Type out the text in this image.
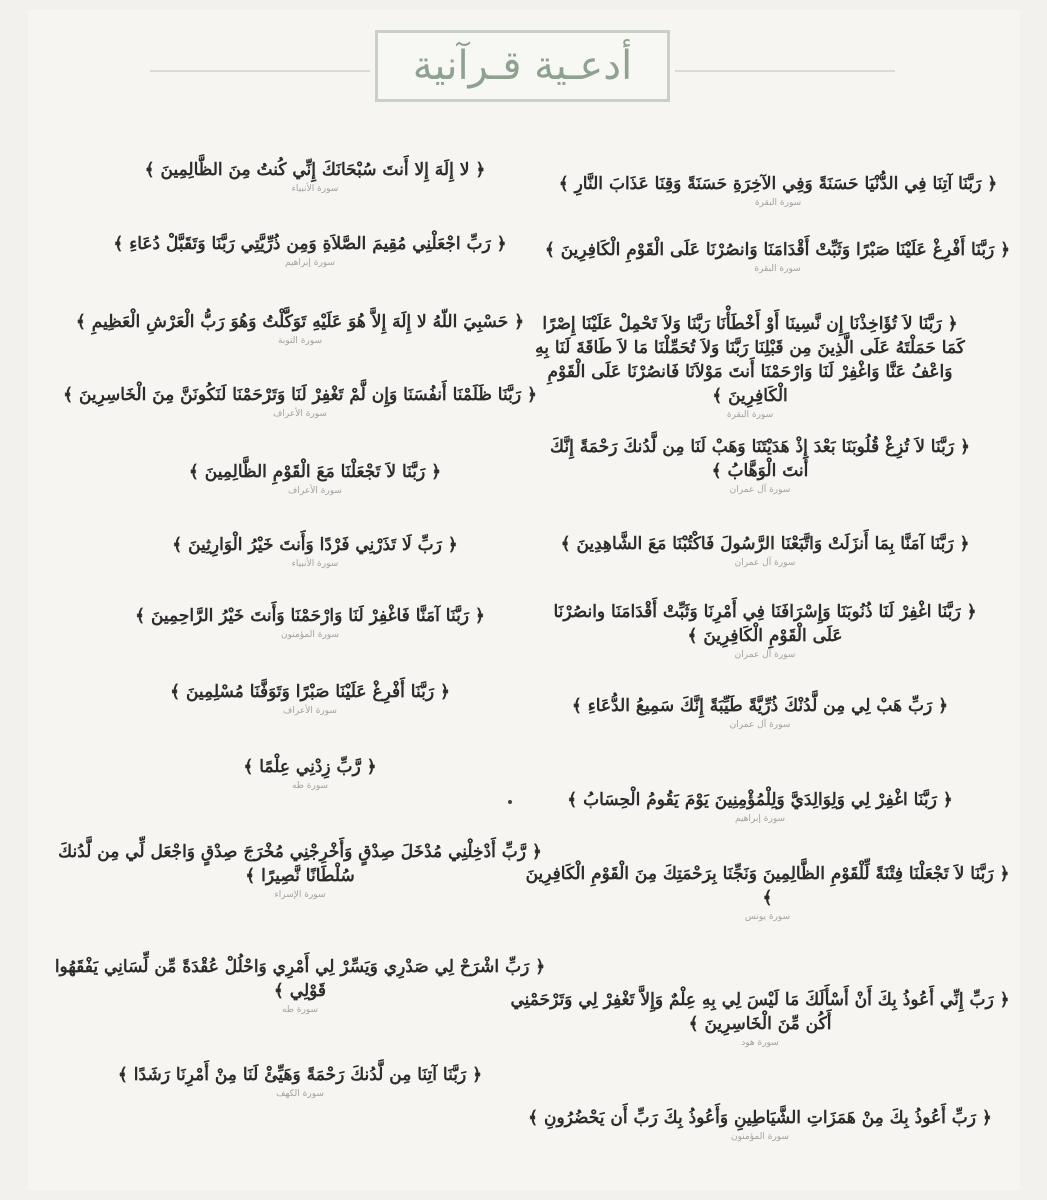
أدعـية قـرآنية
﴿ رَبَّنَا آتِنَا فِي الدُّنْيَا حَسَنَةً وَفِي الآخِرَةِ حَسَنَةً وَقِنَا عَذَابَ النَّارِ ﴾
سورة البقرة
﴿ رَبَّنَا أَفْرِغْ عَلَيْنَا صَبْرًا وَثَبِّتْ أَقْدَامَنَا وَانصُرْنَا عَلَى الْقَوْمِ الْكَافِرِينَ ﴾
سورة البقرة
﴿ رَبَّنَا لاَ تُؤَاخِذْنَا إِن نَّسِينَا أَوْ أَخْطَأْنَا رَبَّنَا وَلاَ تَحْمِلْ عَلَيْنَا إِصْرًا كَمَا حَمَلْتَهُ عَلَى الَّذِينَ مِن قَبْلِنَا رَبَّنَا وَلاَ تُحَمِّلْنَا مَا لاَ طَاقَةَ لَنَا بِهِ وَاعْفُ عَنَّا وَاغْفِرْ لَنَا وَارْحَمْنَا أَنتَ مَوْلاَنَا فَانصُرْنَا عَلَى الْقَوْمِ الْكَافِرِينَ ﴾
سورة البقرة
﴿ رَبَّنَا لاَ تُزِغْ قُلُوبَنَا بَعْدَ إِذْ هَدَيْتَنَا وَهَبْ لَنَا مِن لَّدُنكَ رَحْمَةً إِنَّكَ أَنتَ الْوَهَّابُ ﴾
سورة آل عمران
﴿ رَبَّنَا آمَنَّا بِمَا أَنزَلَتْ وَاتَّبَعْنَا الرَّسُولَ فَاكْتُبْنَا مَعَ الشَّاهِدِينَ ﴾
سورة آل عمران
﴿ رَبَّنَا اغْفِرْ لَنَا ذُنُوبَنَا وَإِسْرَافَنَا فِي أَمْرِنَا وَثَبِّتْ أَقْدَامَنَا وانصُرْنَا عَلَى الْقَوْمِ الْكَافِرِينَ ﴾
سورة آل عمران
﴿ رَبِّ هَبْ لِي مِن لَّدُنْكَ ذُرِّيَّةً طَيِّبَةً إِنَّكَ سَمِيعُ الدُّعَاءِ ﴾
سورة آل عمران
﴿ رَبَّنَا اغْفِرْ لِي وَلِوَالِدَيَّ وَلِلْمُؤْمِنِينَ يَوْمَ يَقُومُ الْحِسَابُ ﴾
سورة إبراهيم
﴿ رَبَّنَا لاَ تَجْعَلْنَا فِتْنَةً لِّلْقَوْمِ الظَّالِمِينَ وَنَجِّنَا بِرَحْمَتِكَ مِنَ الْقَوْمِ الْكَافِرِينَ ﴾
سورة يونس
﴿ رَبِّ إِنِّي أَعُوذُ بِكَ أَنْ أَسْأَلَكَ مَا لَيْسَ لِي بِهِ عِلْمٌ وَإِلاَّ تَغْفِرْ لِي وَتَرْحَمْنِي أَكُن مِّنَ الْخَاسِرِينَ ﴾
سورة هود
﴿ رَبِّ أَعُوذُ بِكَ مِنْ هَمَزَاتِ الشَّيَاطِينِ وَأَعُوذُ بِكَ رَبِّ أَن يَحْضُرُونِ ﴾
سورة المؤمنون
﴿ لا إِلَهَ إِلا أَنتَ سُبْحَانَكَ إِنِّي كُنتُ مِنَ الظَّالِمِينَ ﴾
سورة الأنبياء
﴿ رَبِّ اجْعَلْنِي مُقِيمَ الصَّلاَةِ وَمِن ذُرِّيَّتِي رَبَّنَا وَتَقَبَّلْ دُعَاءِ ﴾
سورة إبراهيم
﴿ حَسْبِيَ اللّهُ لا إِلَهَ إِلاَّ هُوَ عَلَيْهِ تَوَكَّلْتُ وَهُوَ رَبُّ الْعَرْشِ الْعَظِيمِ ﴾
سورة التوبة
﴿ رَبَّنَا ظَلَمْنَا أَنفُسَنَا وَإِن لَّمْ تَغْفِرْ لَنَا وَتَرْحَمْنَا لَنَكُونَنَّ مِنَ الْخَاسِرِينَ ﴾
سورة الأعراف
﴿ رَبَّنَا لاَ تَجْعَلْنَا مَعَ الْقَوْمِ الظَّالِمِينَ ﴾
سورة الأعراف
﴿ رَبِّ لَا تَذَرْنِي فَرْدًا وَأَنتَ خَيْرُ الْوَارِثِينَ ﴾
سورة الأنبياء
﴿ رَبَّنَا آمَنَّا فَاغْفِرْ لَنَا وَارْحَمْنَا وَأَنتَ خَيْرُ الرَّاحِمِينَ ﴾
سورة المؤمنون
﴿ رَبَّنَا أَفْرِغْ عَلَيْنَا صَبْرًا وَتَوَفَّنَا مُسْلِمِينَ ﴾
سورة الأعراف
﴿ رَّبِّ زِدْنِي عِلْمًا ﴾
سورة طه
﴿ رَّبِّ أَدْخِلْنِي مُدْخَلَ صِدْقٍ وَأَخْرِجْنِي مُخْرَجَ صِدْقٍ وَاجْعَل لِّي مِن لَّدُنكَ سُلْطَانًا نَّصِيرًا ﴾
سورة الإسراء
﴿ رَبِّ اشْرَحْ لِي صَدْرِي وَيَسِّرْ لِي أَمْرِي وَاحْلُلْ عُقْدَةً مِّن لِّسَانِي يَفْقَهُوا قَوْلِي ﴾
سورة طه
﴿ رَبَّنَا آتِنَا مِن لَّدُنكَ رَحْمَةً وَهَيِّئْ لَنَا مِنْ أَمْرِنَا رَشَدًا ﴾
سورة الكهف
